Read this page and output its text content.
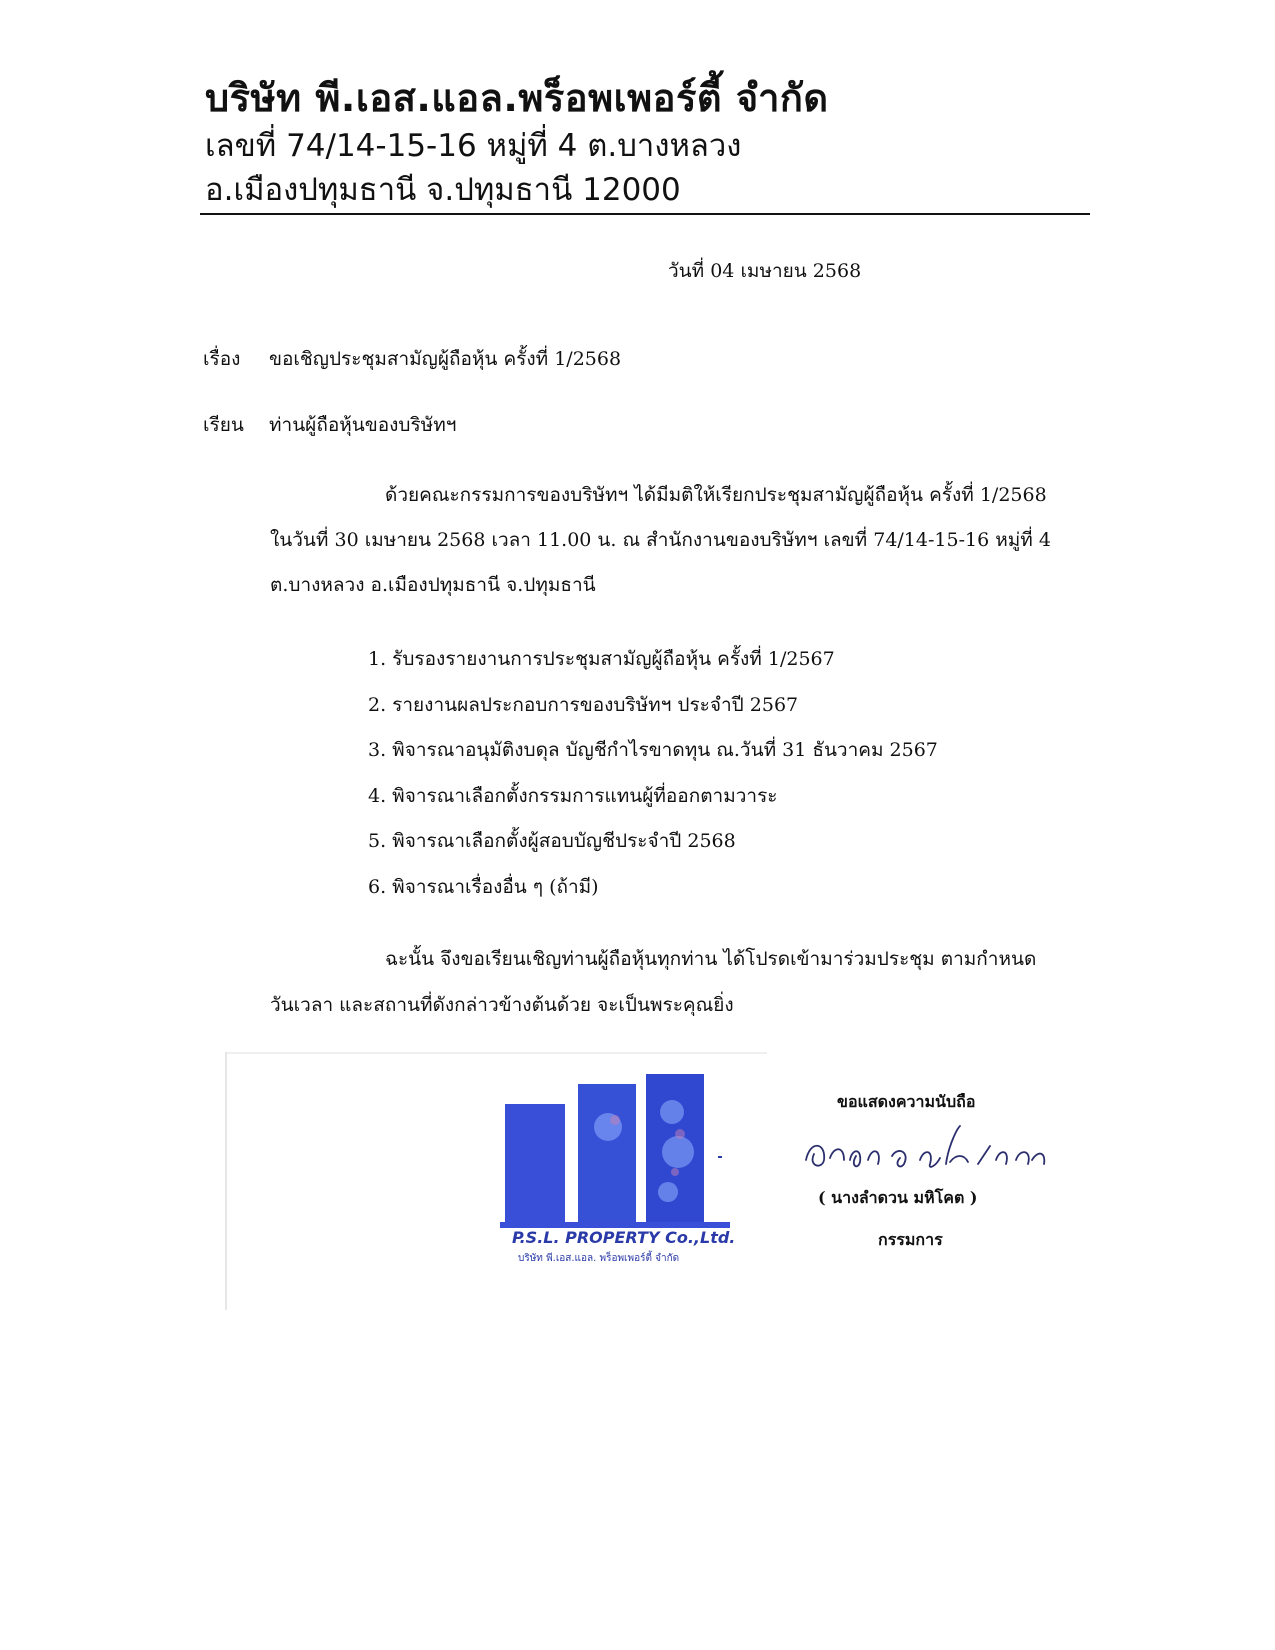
บริษัท พี.เอส.แอล.พร็อพเพอร์ตี้ จำกัด

เลขที่ 74/14-15-16 หมู่ที่ 4 ต.บางหลวง

อ.เมืองปทุมธานี จ.ปทุมธานี 12000

วันที่ 04 เมษายน 2568
เรื่อง ขอเชิญประชุมสามัญผู้ถือหุ้น ครั้งที่ 1/2568
เรียน ท่านผู้ถือหุ้นของบริษัทฯ
ด้วยคณะกรรมการของบริษัทฯ ได้มีมติให้เรียกประชุมสามัญผู้ถือหุ้น ครั้งที่ 1/2568
ในวันที่ 30 เมษายน 2568 เวลา 11.00 น. ณ สำนักงานของบริษัทฯ เลขที่ 74/14-15-16 หมู่ที่ 4
ต.บางหลวง อ.เมืองปทุมธานี จ.ปทุมธานี
1. รับรองรายงานการประชุมสามัญผู้ถือหุ้น ครั้งที่ 1/2567
2. รายงานผลประกอบการของบริษัทฯ ประจำปี 2567
3. พิจารณาอนุมัติงบดุล บัญชีกำไรขาดทุน ณ.วันที่ 31 ธันวาคม 2567
4. พิจารณาเลือกตั้งกรรมการแทนผู้ที่ออกตามวาระ
5. พิจารณาเลือกตั้งผู้สอบบัญชีประจำปี 2568
6. พิจารณาเรื่องอื่น ๆ (ถ้ามี)
ฉะนั้น จึงขอเรียนเชิญท่านผู้ถือหุ้นทุกท่าน ได้โปรดเข้ามาร่วมประชุม ตามกำหนด
วันเวลา และสถานที่ดังกล่าวข้างต้นด้วย จะเป็นพระคุณยิ่ง
P.S.L. PROPERTY Co.,Ltd.
บริษัท พี.เอส.แอล. พร็อพเพอร์ตี้ จำกัด
ขอแสดงความนับถือ
( นางลำดวน มหิโคต )
กรรมการ
